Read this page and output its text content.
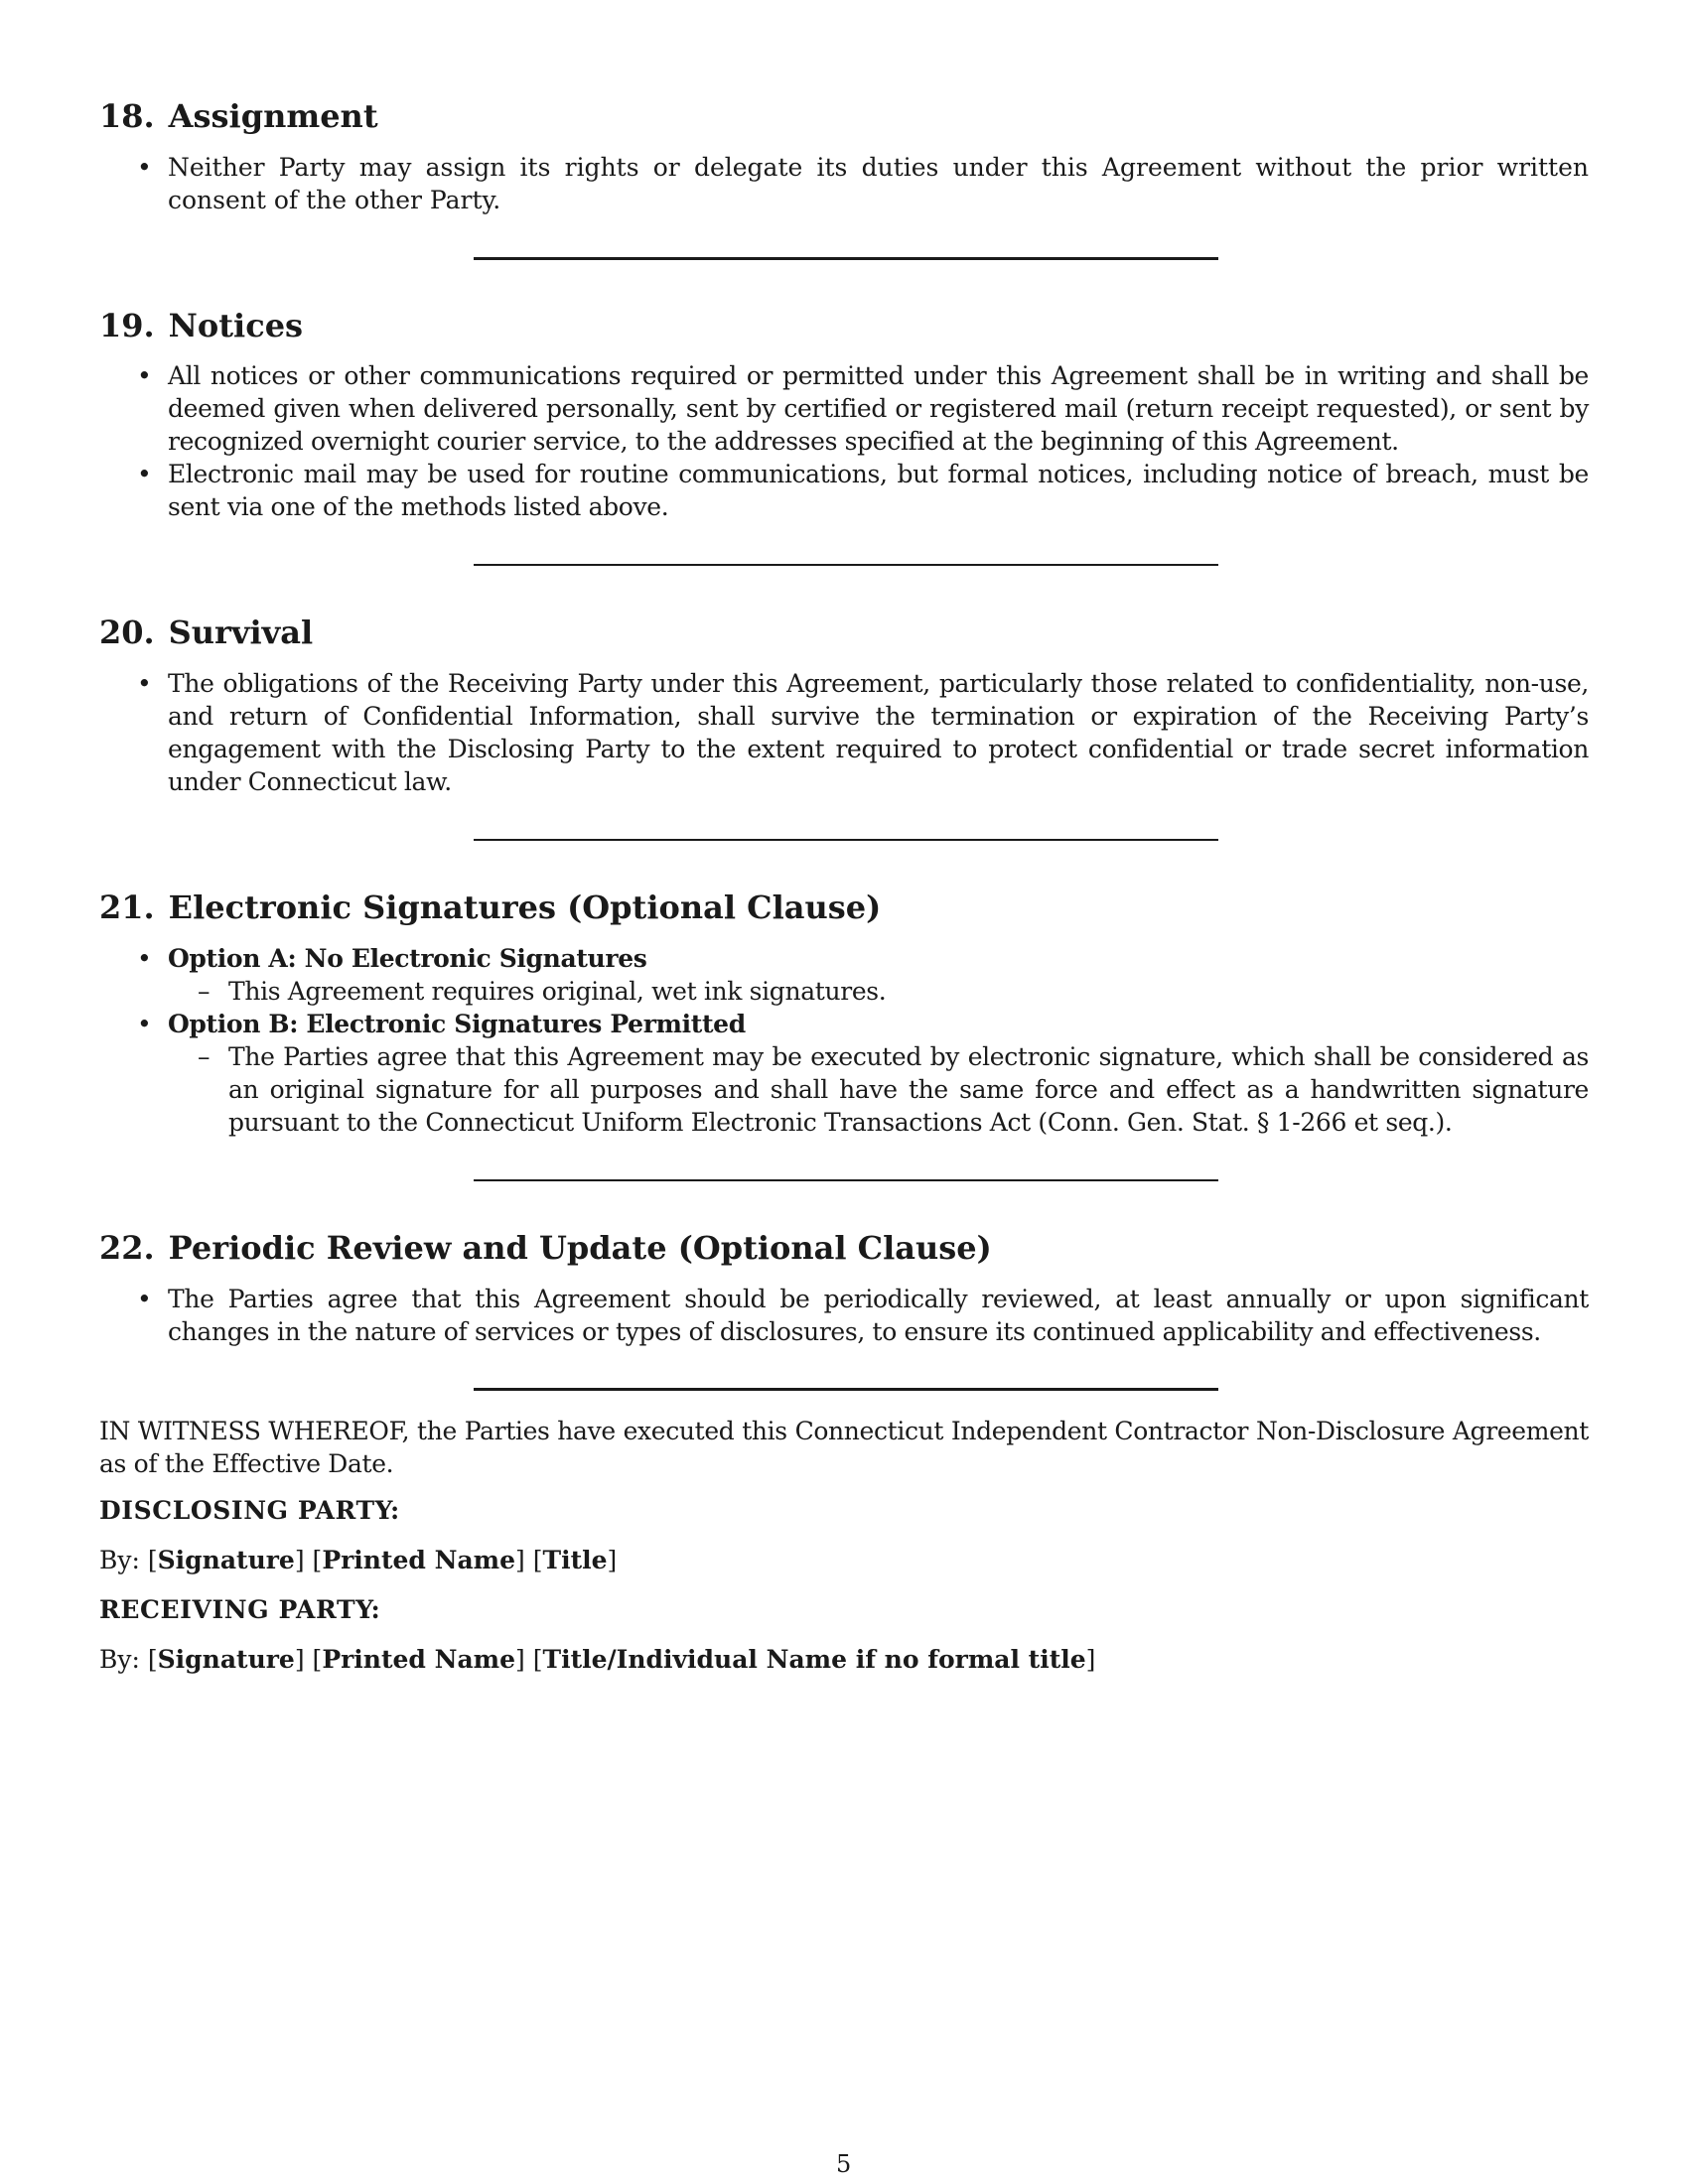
18. Assignment
• Neither Party may assign its rights or delegate its duties under this Agreement without the prior written consent of the other Party.
19. Notices
• All notices or other communications required or permitted under this Agreement shall be in writing and shall be deemed given when delivered personally, sent by certified or registered mail (return receipt requested), or sent by recognized overnight courier service, to the addresses specified at the beginning of this Agreement.
• Electronic mail may be used for routine communications, but formal notices, including notice of breach, must be sent via one of the methods listed above.
20. Survival
• The obligations of the Receiving Party under this Agreement, particularly those related to confidentiality, non-use, and return of Confidential Information, shall survive the termination or expiration of the Receiving Party’s engagement with the Disclosing Party to the extent required to protect confidential or trade secret information under Connecticut law.
21. Electronic Signatures (Optional Clause)
• Option A: No Electronic Signatures
– This Agreement requires original, wet ink signatures.
• Option B: Electronic Signatures Permitted
– The Parties agree that this Agreement may be executed by electronic signature, which shall be considered as an original signature for all purposes and shall have the same force and effect as a handwritten signature pursuant to the Connecticut Uniform Electronic Transactions Act (Conn. Gen. Stat. § 1-266 et seq.).
22. Periodic Review and Update (Optional Clause)
• The Parties agree that this Agreement should be periodically reviewed, at least annually or upon significant changes in the nature of services or types of disclosures, to ensure its continued applicability and effectiveness.

IN WITNESS WHEREOF, the Parties have executed this Connecticut Independent Contractor Non-Disclosure Agreement as of the Effective Date.

DISCLOSING PARTY:

By: [Signature] [Printed Name] [Title]

RECEIVING PARTY:

By: [Signature] [Printed Name] [Title/Individual Name if no formal title]

5
